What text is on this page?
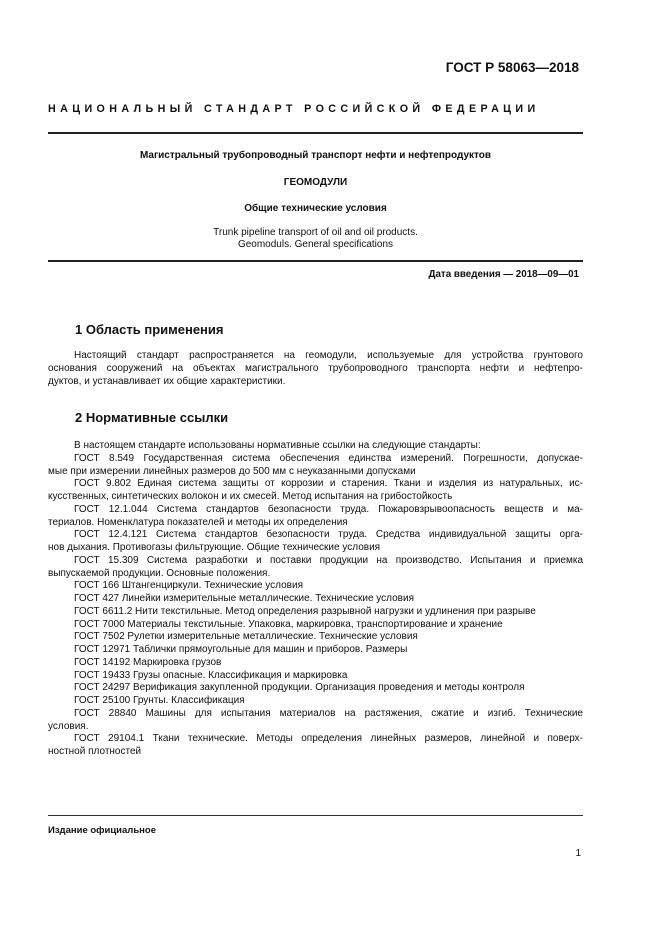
ГОСТ Р 58063—2018
НАЦИОНАЛЬНЫЙ СТАНДАРТ РОССИЙСКОЙ ФЕДЕРАЦИИ
Магистральный трубопроводный транспорт нефти и нефтепродуктов
ГЕОМОДУЛИ
Общие технические условия
Trunk pipeline transport of oil and oil products.
Geomoduls. General specifications
Дата введения — 2018—09—01
1 Область применения
Настоящий стандарт распространяется на геомодули, используемые для устройства грунтового
основания сооружений на объектах магистрального трубопроводного транспорта нефти и нефтепро-
дуктов, и устанавливает их общие характеристики.
2 Нормативные ссылки
В настоящем стандарте использованы нормативные ссылки на следующие стандарты:
ГОСТ 8.549 Государственная система обеспечения единства измерений. Погрешности, допускае-
мые при измерении линейных размеров до 500 мм с неуказанными допусками
ГОСТ 9.802 Единая система защиты от коррозии и старения. Ткани и изделия из натуральных, ис-
кусственных, синтетических волокон и их смесей. Метод испытания на грибостойкость
ГОСТ 12.1.044 Система стандартов безопасности труда. Пожаровзрывоопасность веществ и ма-
териалов. Номенклатура показателей и методы их определения
ГОСТ 12.4.121 Система стандартов безопасности труда. Средства индивидуальной защиты орга-
нов дыхания. Противогазы фильтрующие. Общие технические условия
ГОСТ 15.309 Система разработки и поставки продукции на производство. Испытания и приемка
выпускаемой продукции. Основные положения.
ГОСТ 166 Штангенциркули. Технические условия
ГОСТ 427 Линейки измерительные металлические. Технические условия
ГОСТ 6611.2 Нити текстильные. Метод определения разрывной нагрузки и удлинения при разрыве
ГОСТ 7000 Материалы текстильные. Упаковка, маркировка, транспортирование и хранение
ГОСТ 7502 Рулетки измерительные металлические. Технические условия
ГОСТ 12971 Таблички прямоугольные для машин и приборов. Размеры
ГОСТ 14192 Маркировка грузов
ГОСТ 19433 Грузы опасные. Классификация и маркировка
ГОСТ 24297 Верификация закупленной продукции. Организация проведения и методы контроля
ГОСТ 25100 Грунты. Классификация
ГОСТ 28840 Машины для испытания материалов на растяжения, сжатие и изгиб. Технические
условия.
ГОСТ 29104.1 Ткани технические. Методы определения линейных размеров, линейной и поверх-
ностной плотностей
Издание официальное
1
